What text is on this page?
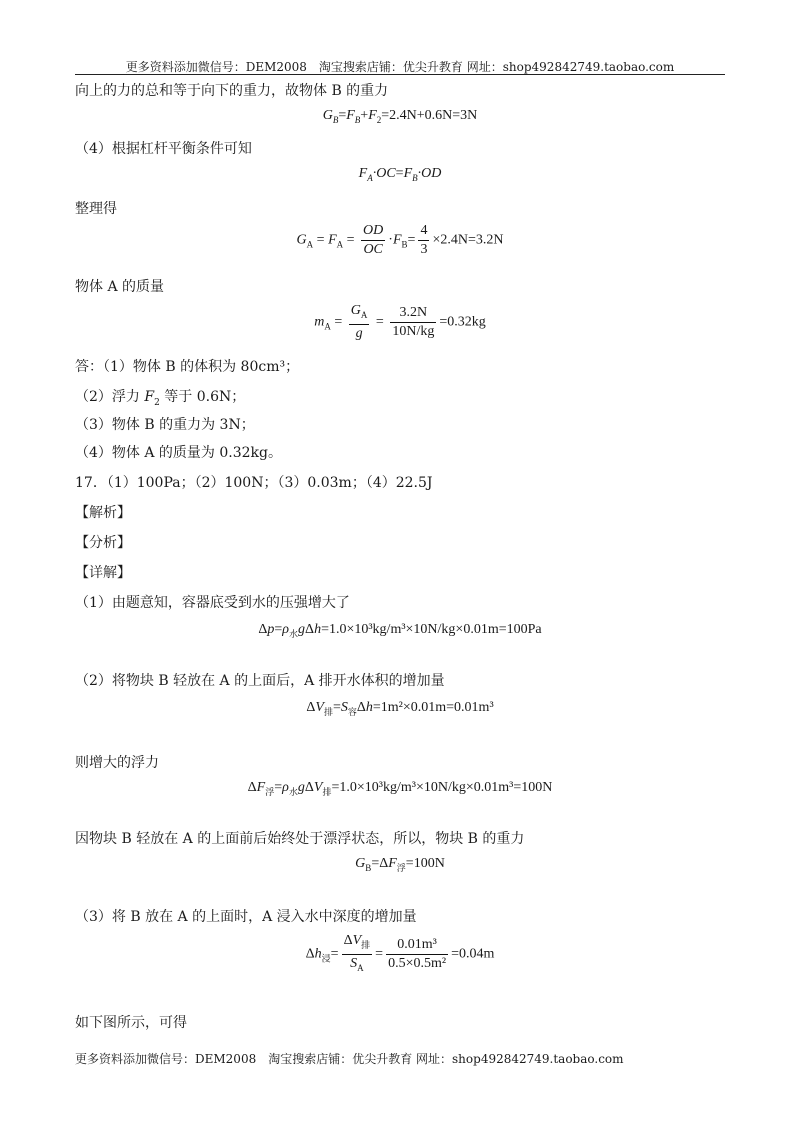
更多资料添加微信号：DEM2008　淘宝搜索店铺：优尖升教育 网址：shop492842749.taobao.com
向上的力的总和等于向下的重力，故物体 B 的重力
$G_B=F_B+F_2=2.4N+0.6N=3N$
（4）根据杠杆平衡条件可知
$F_A\cdot OC=F_B\cdot OD$
整理得
$G_A = F_A = \frac{OD}{OC} \cdot F_B= \frac{4}{3} \times 2.4N=3.2N$
物体 A 的质量
$m_A = \frac{G_A}{g} = \frac{3.2N}{10N/kg} =0.32kg$
答：（1）物体 B 的体积为 80cm³；
（2）浮力 $F_2$ 等于 0.6N；
（3）物体 B 的重力为 3N；
（4）物体 A 的质量为 0.32kg。
17．（1）100Pa；（2）100N；（3）0.03m；（4）22.5J
【解析】
【分析】
【详解】
（1）由题意知，容器底受到水的压强增大了
$\Delta p=\rho_水g\Delta h=1.0\times 10^3kg/m^3\times 10N/kg\times 0.01m=100Pa$
（2）将物块 B 轻放在 A 的上面后，A 排开水体积的增加量
$\Delta V_排=S_容\Delta h=1m^2\times 0.01m=0.01m^3$
则增大的浮力
$\Delta F_浮=\rho_水g\Delta V_排=1.0\times 10^3kg/m^3\times 10N/kg\times 0.01m^3=100N$
因物块 B 轻放在 A 的上面前后始终处于漂浮状态，所以，物块 B 的重力
$G_B=\Delta F_浮=100N$
（3）将 B 放在 A 的上面时，A 浸入水中深度的增加量
$\Delta h_浸= \frac{\Delta V_排}{S_A} = \frac{\text{0.01m³}}{\text{0.5×0.5m²}} =0.04m$
如下图所示，可得
更多资料添加微信号：DEM2008　淘宝搜索店铺：优尖升教育 网址：shop492842749.taobao.com
